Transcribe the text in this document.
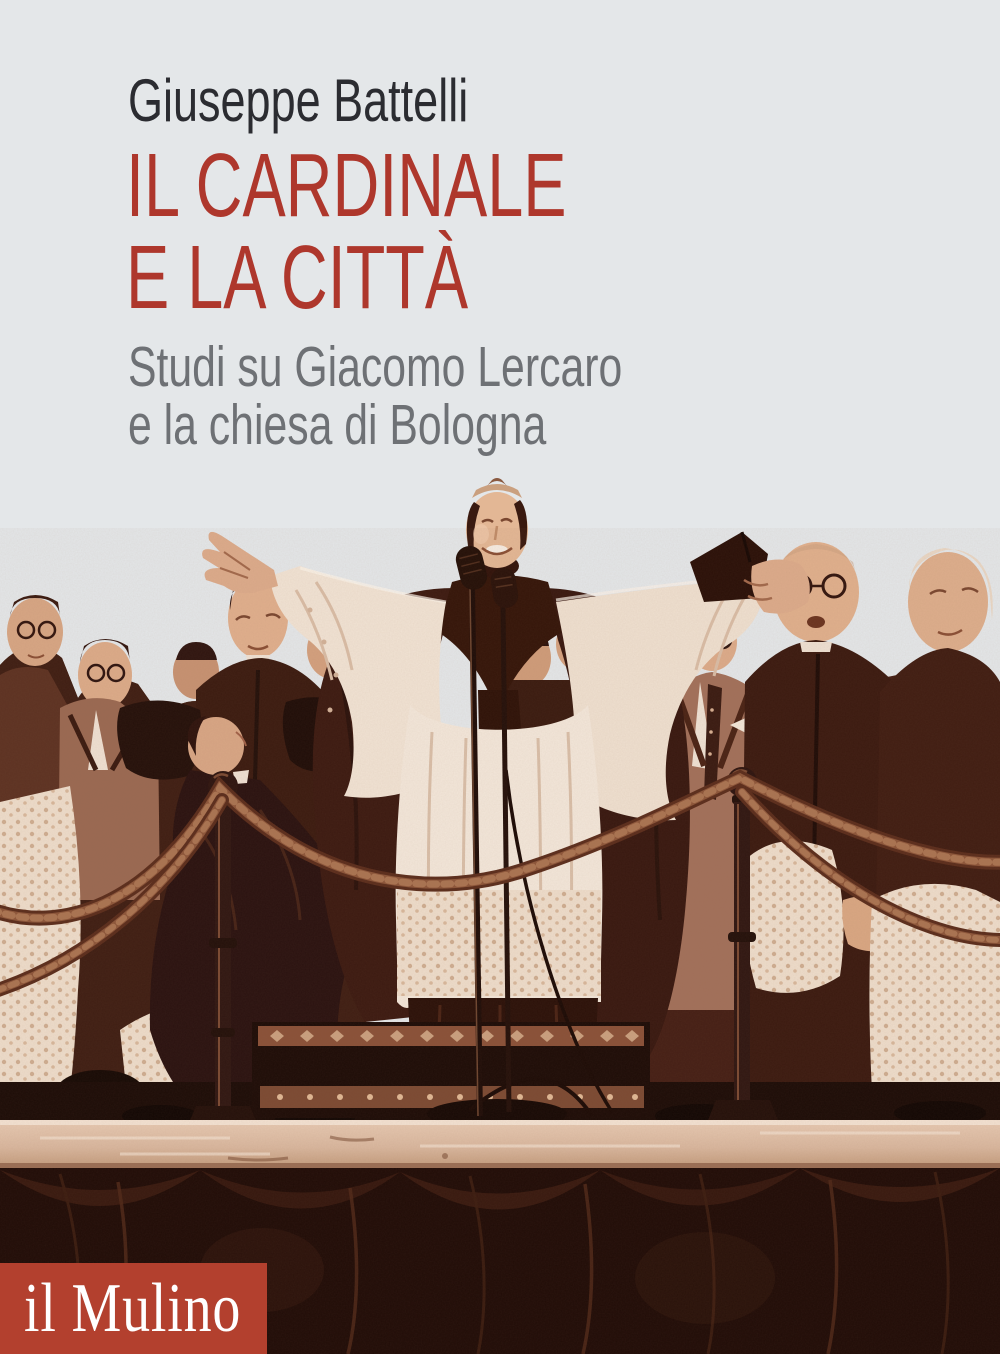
Giuseppe Battelli
IL CARDINALE
E LA CITTÀ
Studi su Giacomo Lercaro
e la chiesa di Bologna
il Mulino
